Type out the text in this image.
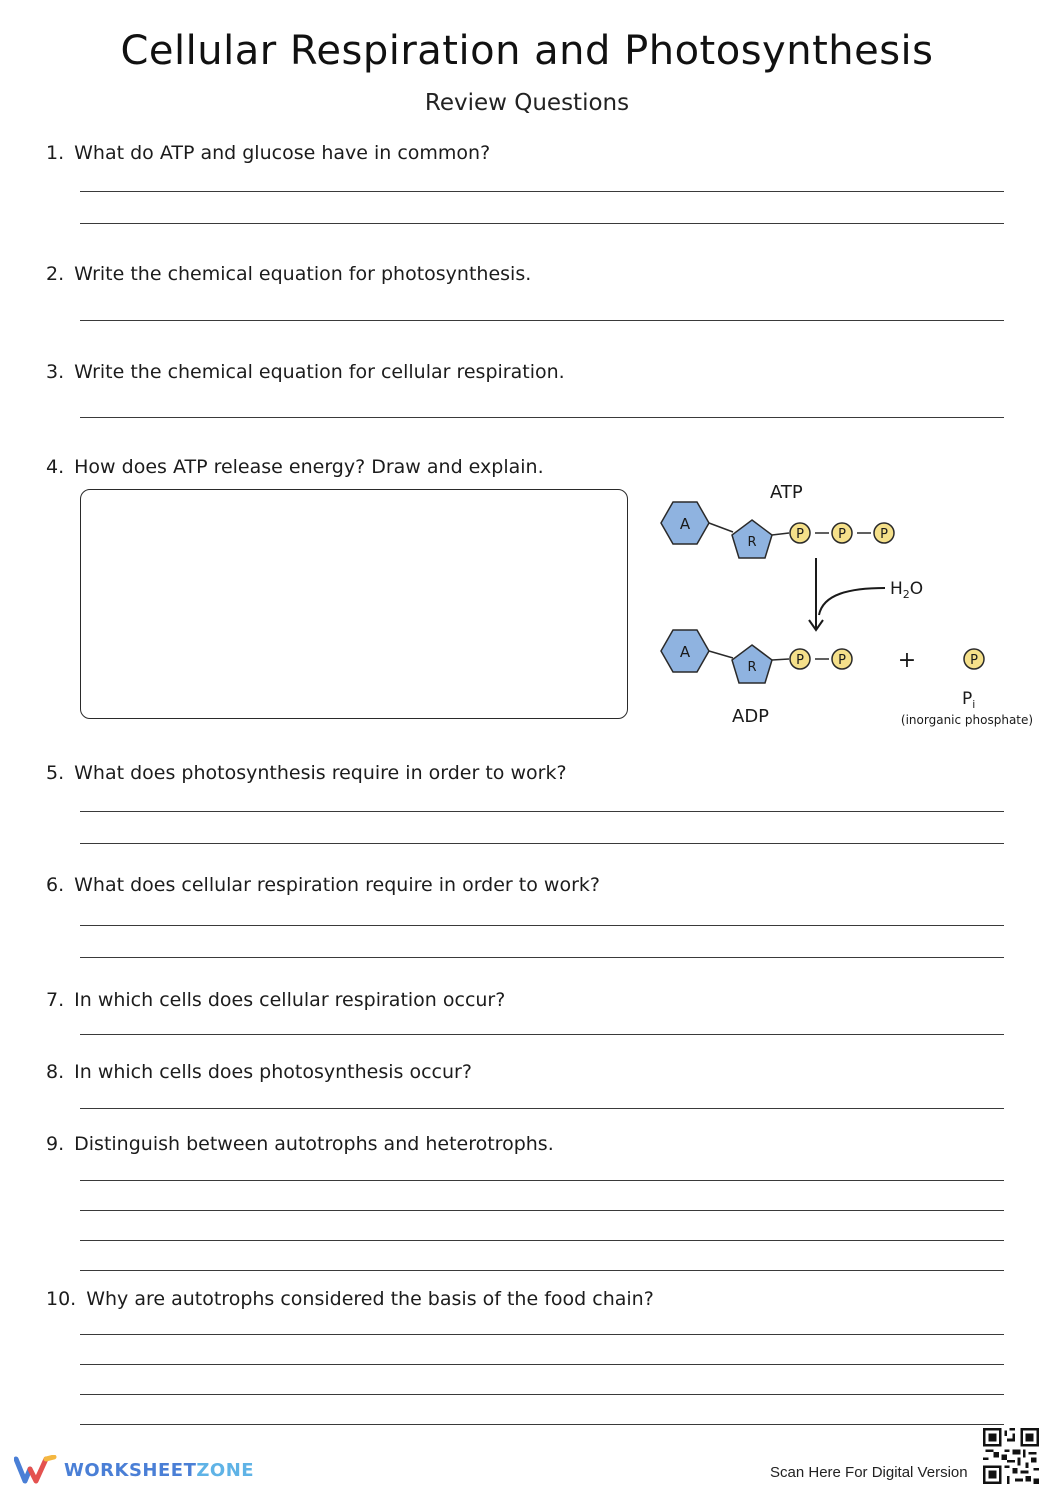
Cellular Respiration and Photosynthesis
Review Questions
1. What do ATP and glucose have in common?
2. Write the chemical equation for photosynthesis.
3. Write the chemical equation for cellular respiration.
4. How does ATP release energy? Draw and explain.
ATP
A
R
P	P	P
$H_2O$
A
R	P	P +	P
ADP
$P_i$
(inorganic phosphate)
5. What does photosynthesis require in order to work?
6. What does cellular respiration require in order to work?
7. In which cells does cellular respiration occur?
8. In which cells does photosynthesis occur?
9. Distinguish between autotrophs and heterotrophs.
10. Why are autotrophs considered the basis of the food chain?
WORKSHEETZONE	Scan Here For Digital Version
